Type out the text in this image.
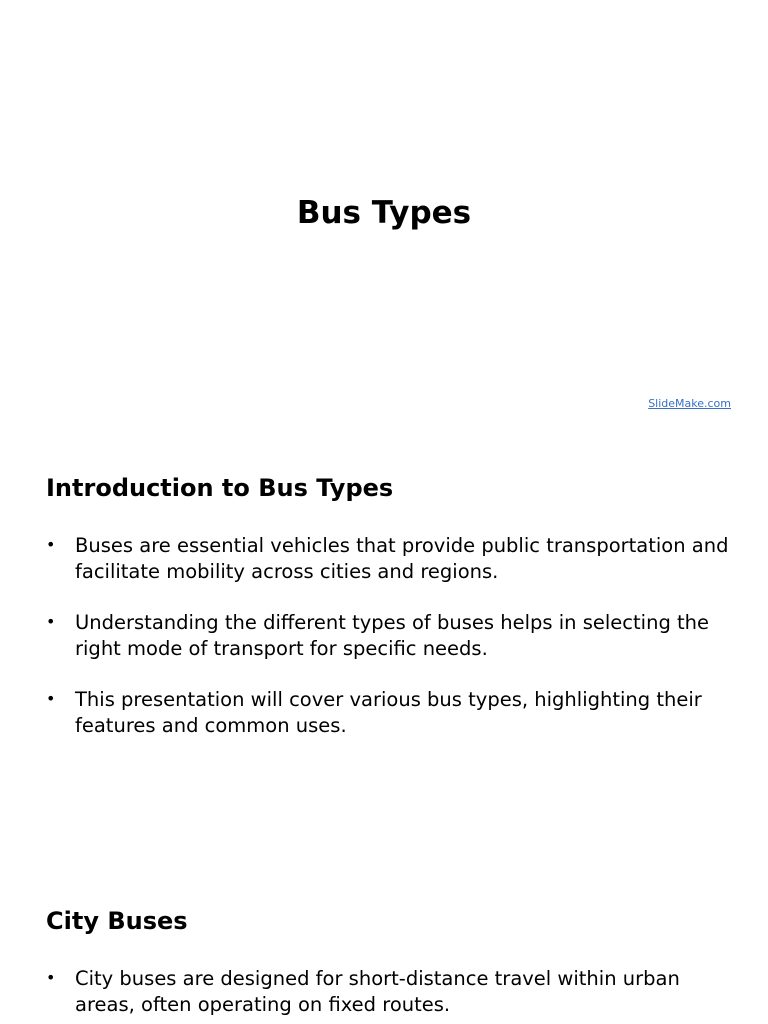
Bus Types
SlideMake.com
Introduction to Bus Types
• Buses are essential vehicles that provide public transportation and facilitate mobility across cities and regions.
• Understanding the different types of buses helps in selecting the right mode of transport for specific needs.
• This presentation will cover various bus types, highlighting their features and common uses.
City Buses
• City buses are designed for short-distance travel within urban areas, often operating on fixed routes.
